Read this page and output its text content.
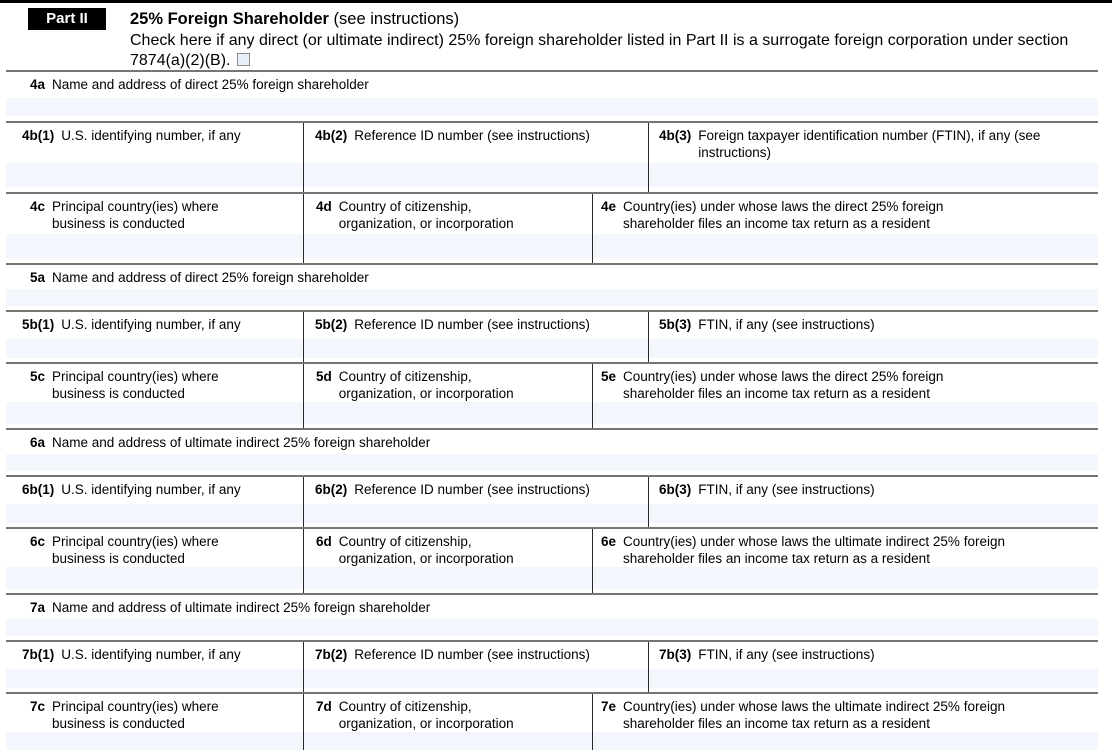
Part II	25% Foreign Shareholder (see instructions)

Check here if any direct (or ultimate indirect) 25% foreign shareholder listed in Part II is a surrogate foreign corporation under section 7874(a)(2)(B).

4a Name and address of direct 25% foreign shareholder
4b(1) U.S. identifying number, if any	4b(2) Reference ID number (see instructions)	4b(3) Foreign taxpayer identification number (FTIN), if any (see instructions)
4c Principal country(ies) where business is conducted
4d Country of citizenship, organization, or incorporation
4e Country(ies) under whose laws the direct 25% foreign shareholder files an income tax return as a resident
5a Name and address of direct 25% foreign shareholder
5b(1) U.S. identifying number, if any	5b(2) Reference ID number (see instructions)	5b(3) FTIN, if any (see instructions)
5c Principal country(ies) where business is conducted
5d Country of citizenship, organization, or incorporation
5e Country(ies) under whose laws the direct 25% foreign shareholder files an income tax return as a resident
6a Name and address of ultimate indirect 25% foreign shareholder
6b(1) U.S. identifying number, if any	6b(2) Reference ID number (see instructions)	6b(3) FTIN, if any (see instructions)
6c Principal country(ies) where business is conducted
6d Country of citizenship, organization, or incorporation
6e Country(ies) under whose laws the ultimate indirect 25% foreign shareholder files an income tax return as a resident
7a Name and address of ultimate indirect 25% foreign shareholder
7b(1) U.S. identifying number, if any	7b(2) Reference ID number (see instructions)	7b(3) FTIN, if any (see instructions)
7c Principal country(ies) where business is conducted
7d Country of citizenship, organization, or incorporation
7e Country(ies) under whose laws the ultimate indirect 25% foreign shareholder files an income tax return as a resident
